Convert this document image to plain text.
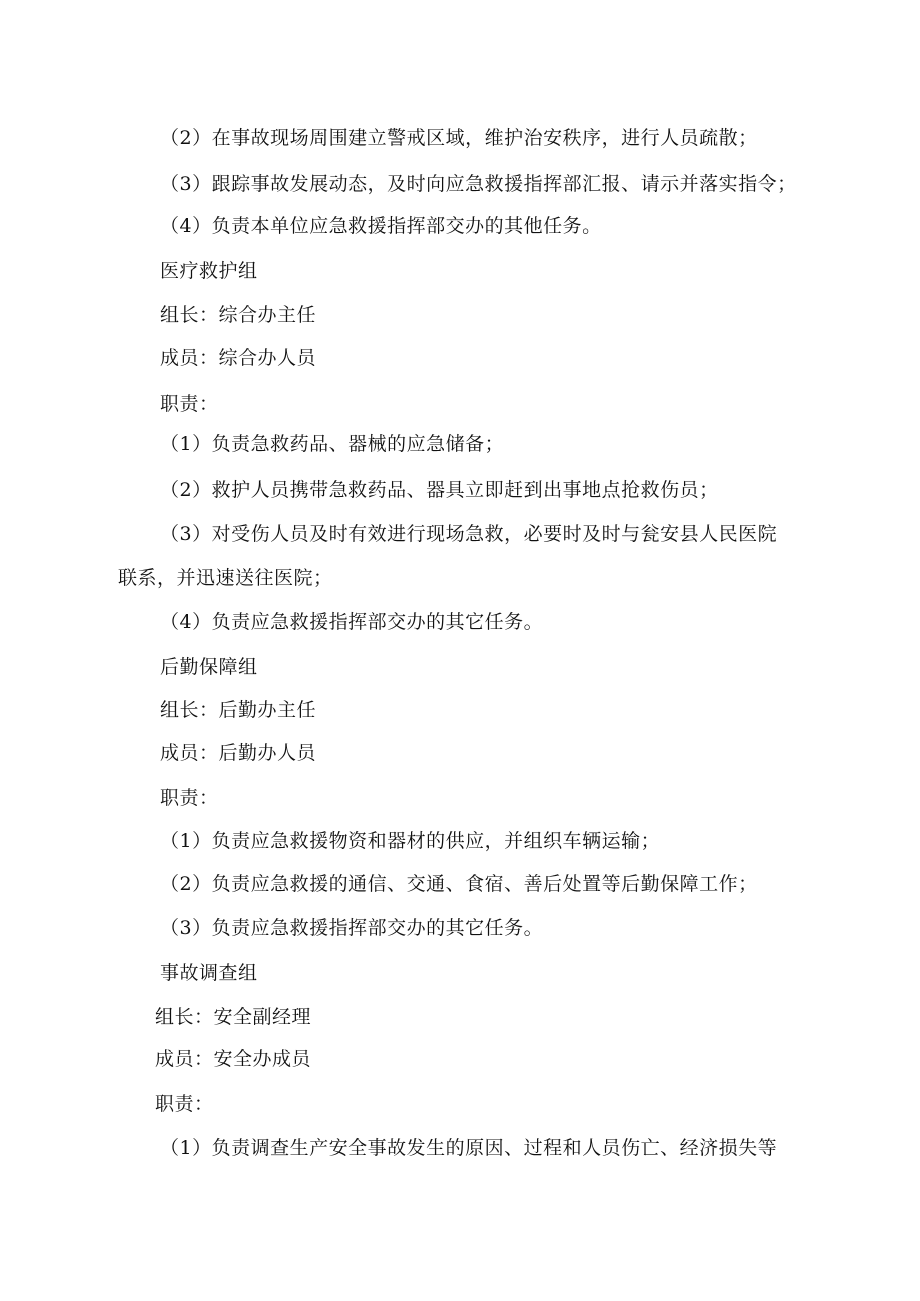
（2）在事故现场周围建立警戒区域，维护治安秩序，进行人员疏散；

（3）跟踪事故发展动态，及时向应急救援指挥部汇报、请示并落实指令；

（4）负责本单位应急救援指挥部交办的其他任务。

医疗救护组

组长：综合办主任

成员：综合办人员

职责：

（1）负责急救药品、器械的应急储备；

（2）救护人员携带急救药品、器具立即赶到出事地点抢救伤员；

（3）对受伤人员及时有效进行现场急救，必要时及时与瓮安县人民医院

联系，并迅速送往医院；

（4）负责应急救援指挥部交办的其它任务。

后勤保障组

组长：后勤办主任

成员：后勤办人员

职责：

（1）负责应急救援物资和器材的供应，并组织车辆运输；

（2）负责应急救援的通信、交通、食宿、善后处置等后勤保障工作；

（3）负责应急救援指挥部交办的其它任务。

事故调查组

组长：安全副经理

成员：安全办成员

职责：

（1）负责调查生产安全事故发生的原因、过程和人员伤亡、经济损失等
